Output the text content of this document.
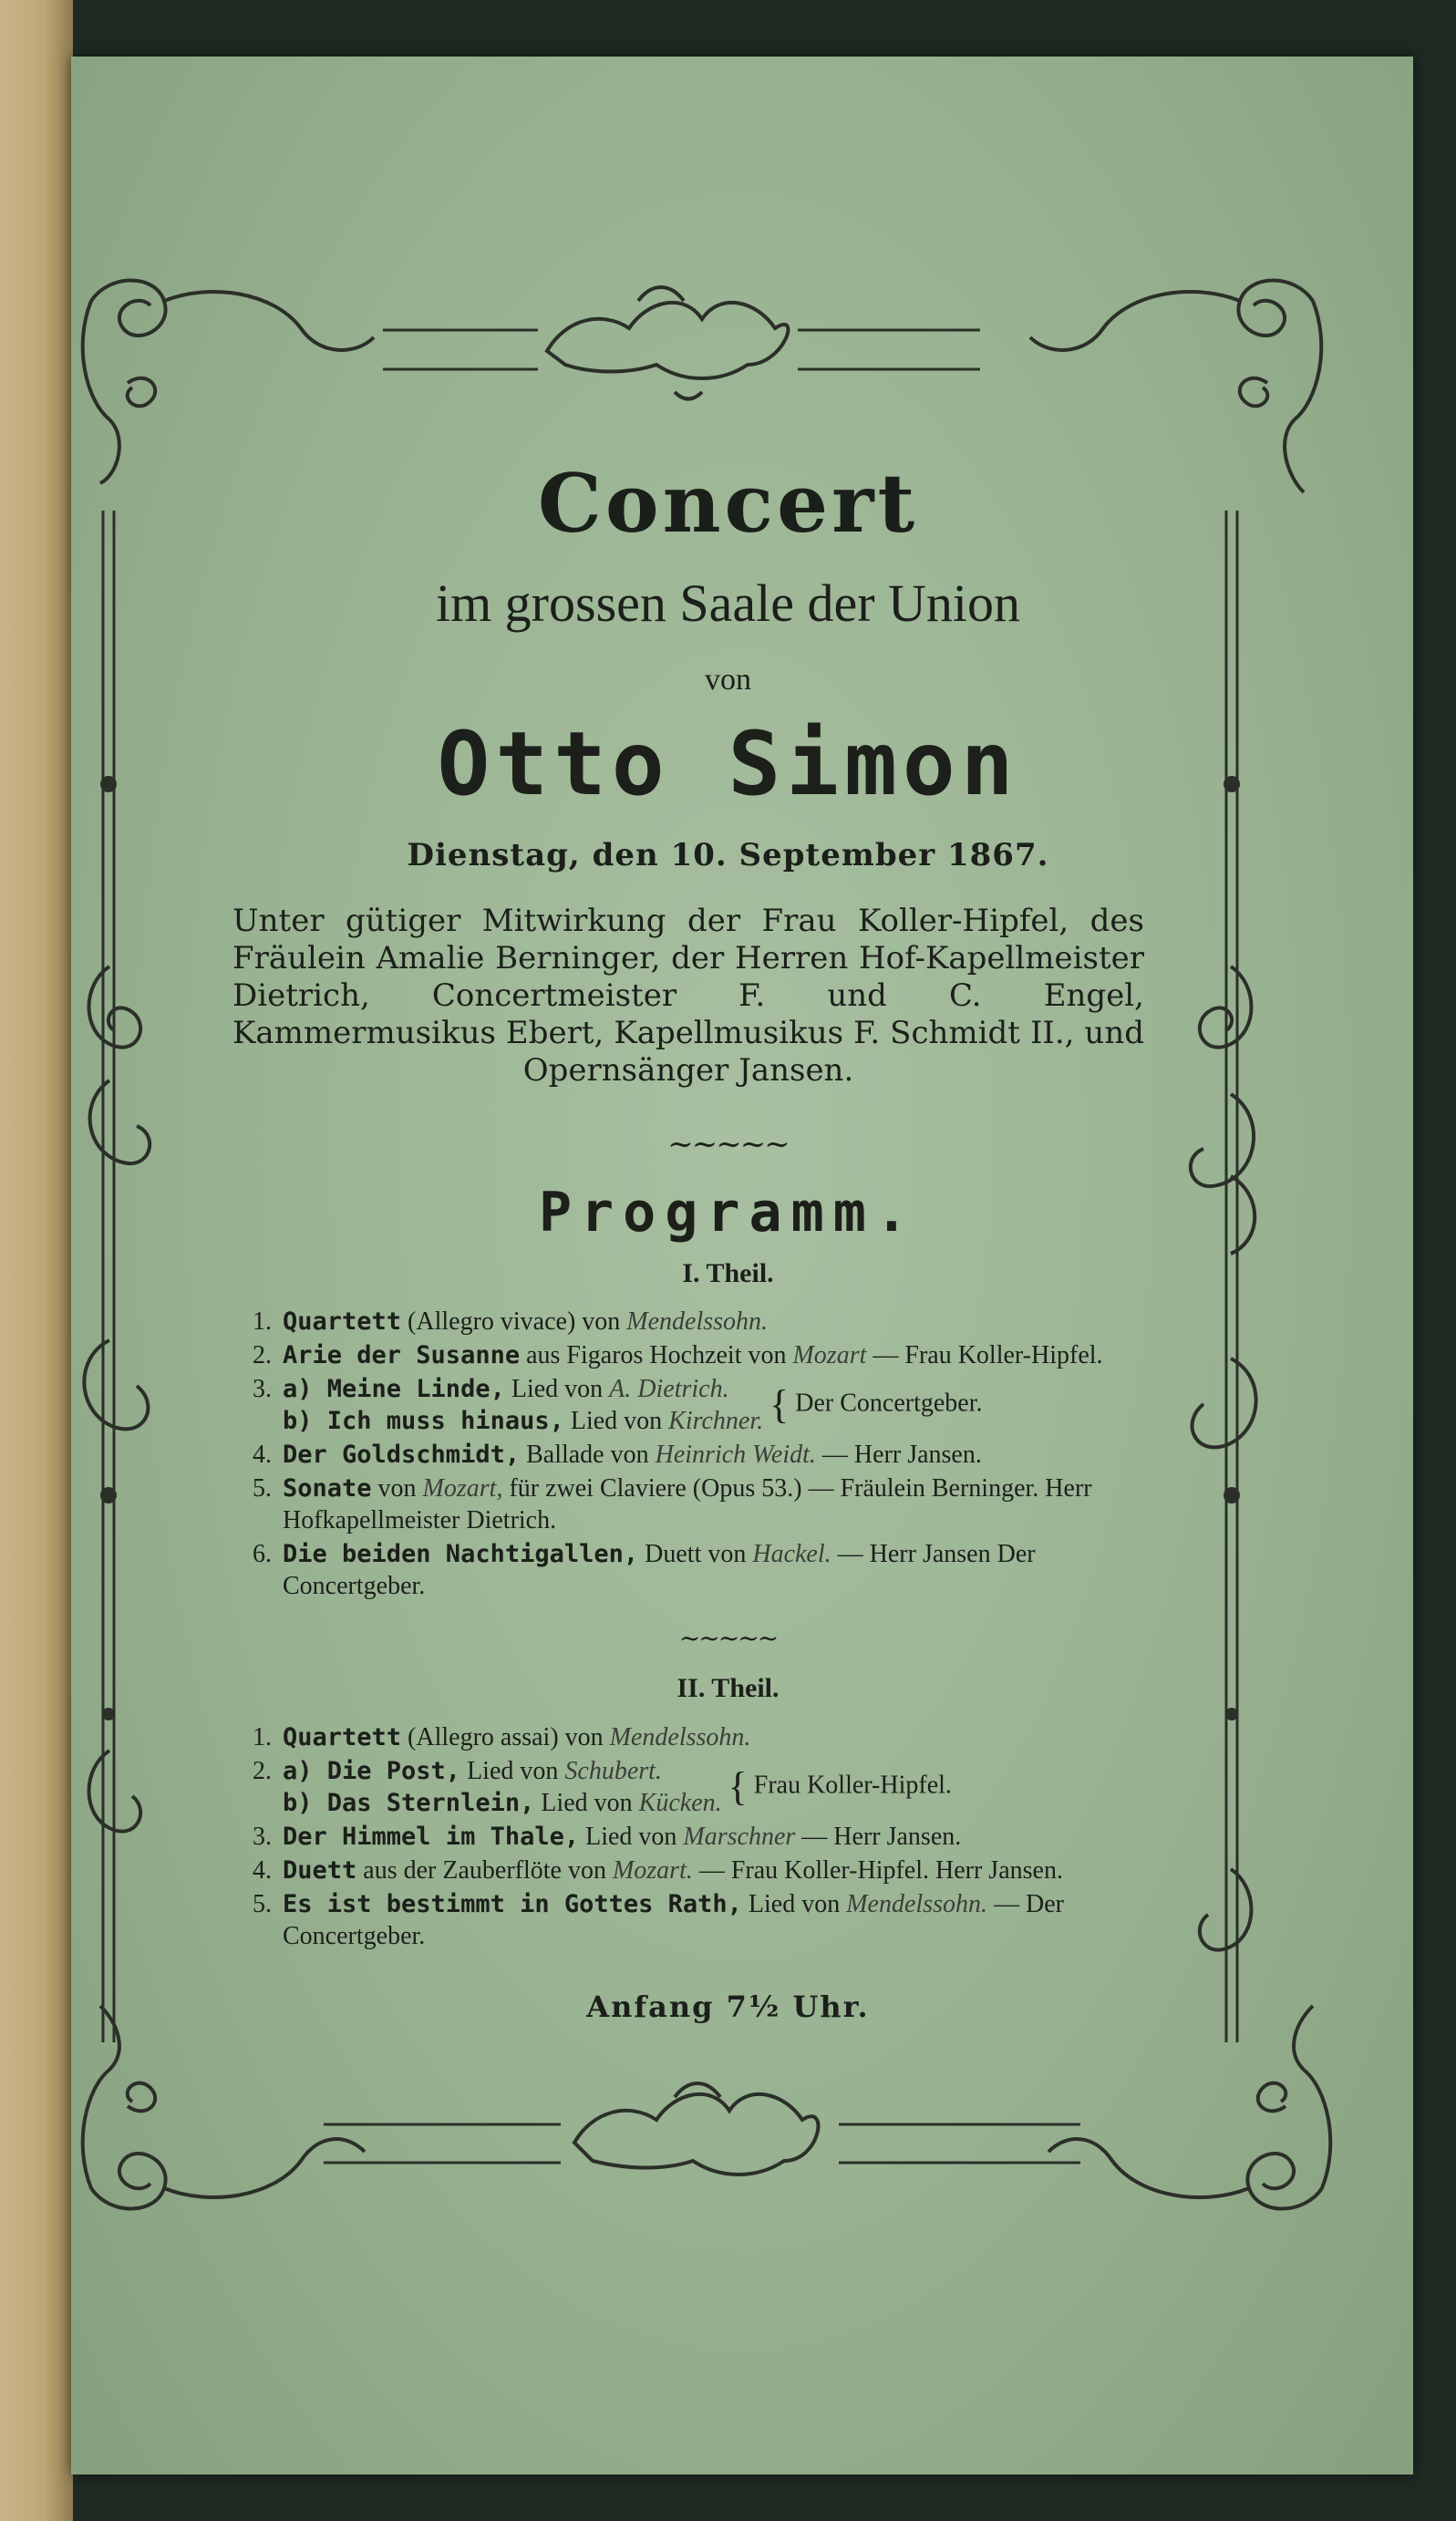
Concert
im grossen Saale der Union
von
Otto Simon
Dienstag, den 10. September 1867.
Unter gütiger Mitwirkung der Frau Koller-Hipfel, des Fräulein Amalie Berninger, der Herren Hof-Kapellmeister Dietrich, Concertmeister F. und C. Engel, Kammermusikus Ebert, Kapellmusikus F. Schmidt II., und Opernsänger Jansen.
~~~~~
Programm.
I. Theil.
1. Quartett (Allegro vivace) von Mendelssohn.
2. Arie der Susanne aus Figaros Hochzeit von Mozart — Frau Koller-Hipfel.
3. a) Meine Linde, Lied von A. Dietrich.
b) Ich muss hinaus, Lied von Kirchner. { Der Concertgeber.
4. Der Goldschmidt, Ballade von Heinrich Weidt. — Herr Jansen.
5. Sonate von Mozart, für zwei Claviere (Opus 53.) — Fräulein Berninger. Herr Hofkapellmeister Dietrich.
6. Die beiden Nachtigallen, Duett von Hackel. — Herr Jansen Der Concertgeber.
~~~~~
II. Theil.
1. Quartett (Allegro assai) von Mendelssohn.
2. a) Die Post, Lied von Schubert.
b) Das Sternlein, Lied von Kücken. { Frau Koller-Hipfel.
3. Der Himmel im Thale, Lied von Marschner — Herr Jansen.
4. Duett aus der Zauberflöte von Mozart. — Frau Koller-Hipfel. Herr Jansen.
5. Es ist bestimmt in Gottes Rath, Lied von Mendelssohn. — Der Concertgeber.
Anfang 7½ Uhr.
